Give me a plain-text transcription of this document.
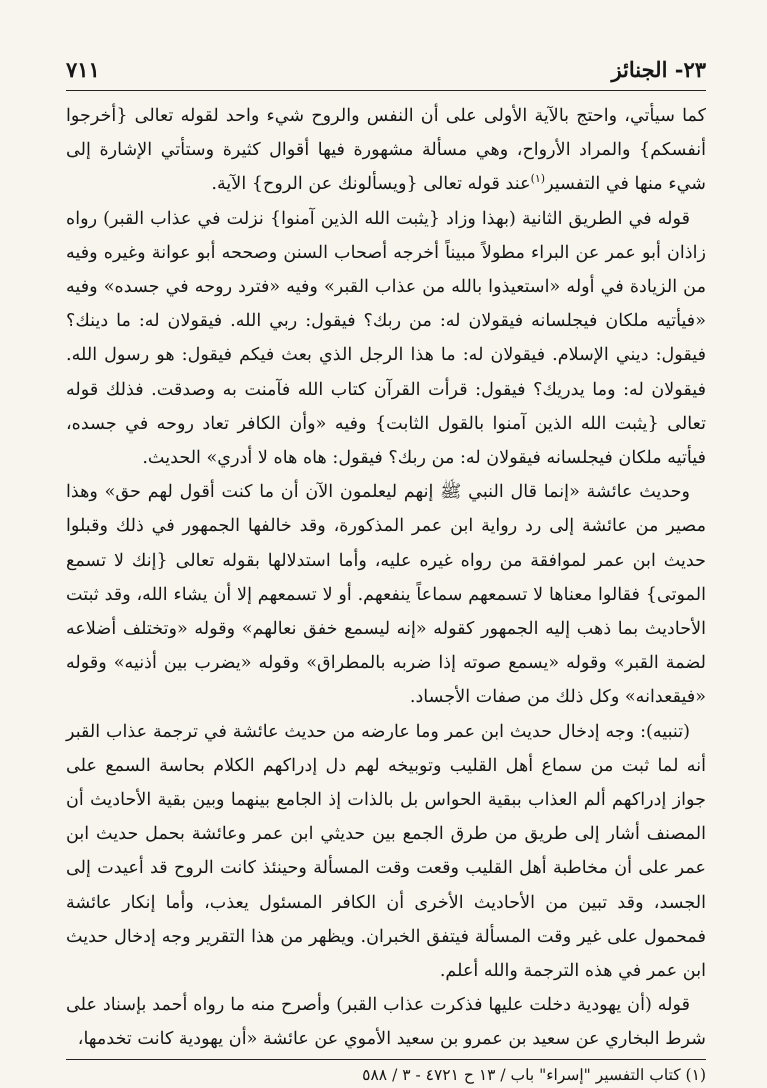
٢٣- الجنائز
٧١١

كما سيأتي، واحتج بالآية الأولى على أن النفس والروح شيء واحد لقوله تعالى {أخرجوا أنفسكم} والمراد الأرواح، وهي مسألة مشهورة فيها أقوال كثيرة وستأتي الإشارة إلى شيء منها في التفسير$^{(١)}$عند قوله تعالى {ويسألونك عن الروح} الآية.

قوله في الطريق الثانية (بهذا وزاد {يثبت الله الذين آمنوا} نزلت في عذاب القبر) رواه زاذان أبو عمر عن البراء مطولاً مبيناً أخرجه أصحاب السنن وصححه أبو عوانة وغيره وفيه من الزيادة في أوله «استعيذوا بالله من عذاب القبر» وفيه «فترد روحه في جسده» وفيه «فيأتيه ملكان فيجلسانه فيقولان له: من ربك؟ فيقول: ربي الله. فيقولان له: ما دينك؟ فيقول: ديني الإسلام. فيقولان له: ما هذا الرجل الذي بعث فيكم فيقول: هو رسول الله. فيقولان له: وما يدريك؟ فيقول: قرأت القرآن كتاب الله فآمنت به وصدقت. فذلك قوله تعالى {يثبت الله الذين آمنوا بالقول الثابت} وفيه «وأن الكافر تعاد روحه في جسده، فيأتيه ملكان فيجلسانه فيقولان له: من ربك؟ فيقول: هاه هاه لا أدري» الحديث.

وحديث عائشة «إنما قال النبي ﷺ إنهم ليعلمون الآن أن ما كنت أقول لهم حق» وهذا مصير من عائشة إلى رد رواية ابن عمر المذكورة، وقد خالفها الجمهور في ذلك وقبلوا حديث ابن عمر لموافقة من رواه غيره عليه، وأما استدلالها بقوله تعالى {إنك لا تسمع الموتى} فقالوا معناها لا تسمعهم سماعاً ينفعهم. أو لا تسمعهم إلا أن يشاء الله، وقد ثبتت الأحاديث بما ذهب إليه الجمهور كقوله «إنه ليسمع خفق نعالهم» وقوله «وتختلف أضلاعه لضمة القبر» وقوله «يسمع صوته إذا ضربه بالمطراق» وقوله «يضرب بين أذنيه» وقوله «فيقعدانه» وكل ذلك من صفات الأجساد.

(تنبيه): وجه إدخال حديث ابن عمر وما عارضه من حديث عائشة في ترجمة عذاب القبر أنه لما ثبت من سماع أهل القليب وتوبيخه لهم دل إدراكهم الكلام بحاسة السمع على جواز إدراكهم ألم العذاب ببقية الحواس بل بالذات إذ الجامع بينهما وبين بقية الأحاديث أن المصنف أشار إلى طريق من طرق الجمع بين حديثي ابن عمر وعائشة بحمل حديث ابن عمر على أن مخاطبة أهل القليب وقعت وقت المسألة وحينئذ كانت الروح قد أعيدت إلى الجسد، وقد تبين من الأحاديث الأخرى أن الكافر المسئول يعذب، وأما إنكار عائشة فمحمول على غير وقت المسألة فيتفق الخبران. ويظهر من هذا التقرير وجه إدخال حديث ابن عمر في هذه الترجمة والله أعلم.

قوله (أن يهودية دخلت عليها فذكرت عذاب القبر) وأصرح منه ما رواه أحمد بإسناد على شرط البخاري عن سعيد بن عمرو بن سعيد الأموي عن عائشة «أن يهودية كانت تخدمها،

(١) كتاب التفسير "إسراء" باب / ١٣ ح ٤٧٢١ - ٣ / ٥٨٨
